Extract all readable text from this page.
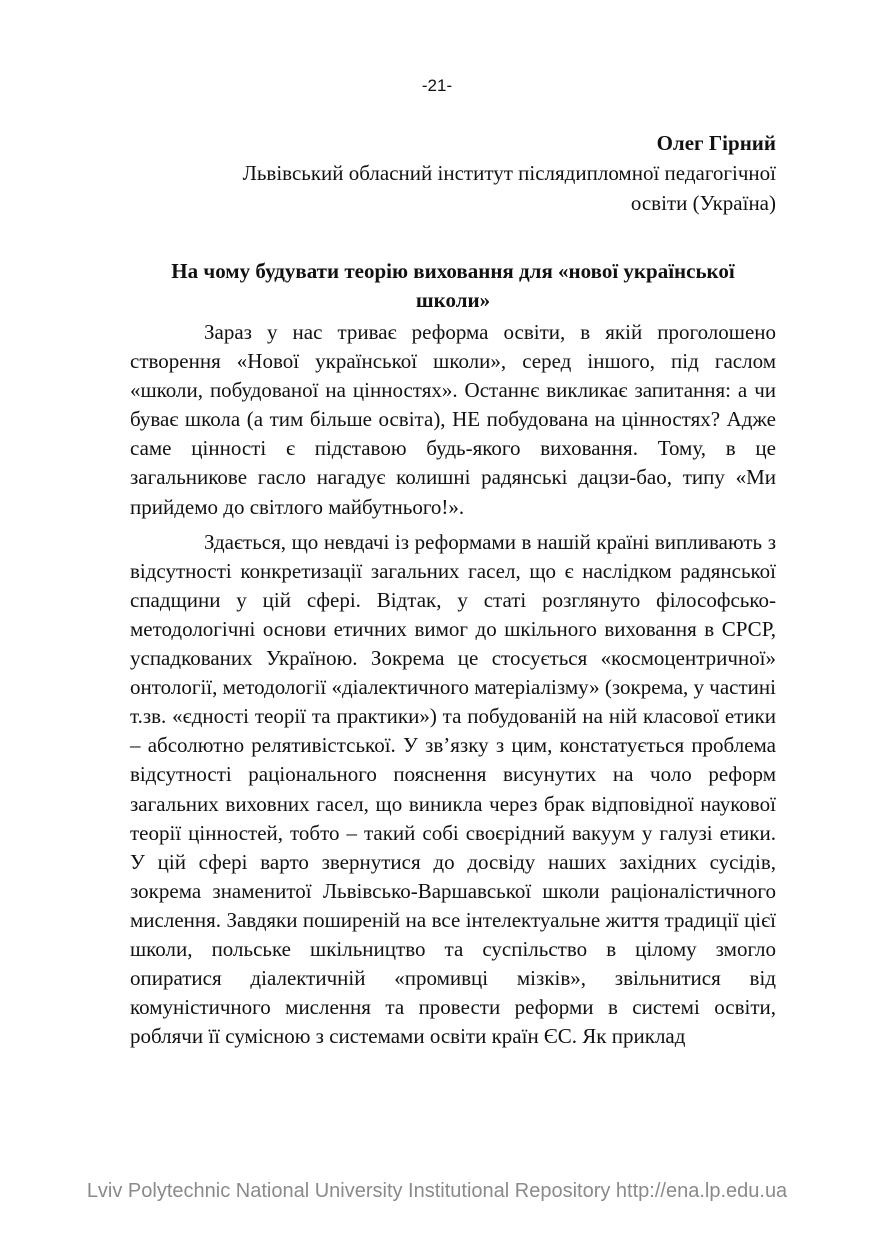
-21-
Олег Гірний
Львівський обласний інститут післядипломної педагогічної
освіти (Україна)
На чому будувати теорію виховання для «нової української
школи»

Зараз у нас триває реформа освіти, в якій проголошено створення «Нової української школи», серед іншого, під гаслом «школи, побудованої на цінностях». Останнє викликає запитання: а чи буває школа (а тим більше освіта), НЕ побудована на цінностях? Адже саме цінності є підставою будь-якого виховання. Тому, в це загальникове гасло нагадує колишні радянські дацзи-бао, типу «Ми прийдемо до світлого майбутнього!».

Здається, що невдачі із реформами в нашій країні випливають з відсутності конкретизації загальних гасел, що є наслідком радянської спадщини у цій сфері. Відтак, у статі розглянуто філософсько-методологічні основи етичних вимог до шкільного виховання в СРСР, успадкованих Україною. Зокрема це стосується «космоцентричної» онтології, методології «діалектичного матеріалізму» (зокрема, у частині т.зв. «єдності теорії та практики») та побудованій на ній класової етики – абсолютно релятивістської. У зв’язку з цим, констатується проблема відсутності раціонального пояснення висунутих на чоло реформ загальних виховних гасел, що виникла через брак відповідної наукової теорії цінностей, тобто – такий собі своєрідний вакуум у галузі етики. У цій сфері варто звернутися до досвіду наших західних сусідів, зокрема знаменитої Львівсько-Варшавської школи раціоналістичного мислення. Завдяки поширеній на все інтелектуальне життя традиції цієї школи, польське шкільництво та суспільство в цілому змогло опиратися діалектичній «промивці мізків», звільнитися від комуністичного мислення та провести реформи в системі освіти, роблячи її сумісною з системами освіти країн ЄС. Як приклад

Lviv Polytechnic National University Institutional Repository http://ena.lp.edu.ua
